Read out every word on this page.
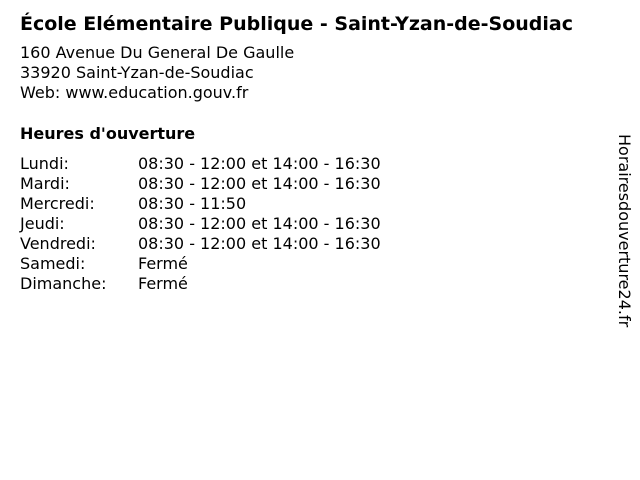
École Elémentaire Publique - Saint-Yzan-de-Soudiac
160 Avenue Du General De Gaulle
33920 Saint-Yzan-de-Soudiac
Web: www.education.gouv.fr
Heures d'ouverture
Lundi:	08:30 - 12:00 et 14:00 - 16:30
Mardi:	08:30 - 12:00 et 14:00 - 16:30
Mercredi:	08:30 - 11:50
Jeudi:	08:30 - 12:00 et 14:00 - 16:30
Vendredi:	08:30 - 12:00 et 14:00 - 16:30
Samedi:	Fermé
Dimanche:	Fermé	Horairesdouverture24.fr
